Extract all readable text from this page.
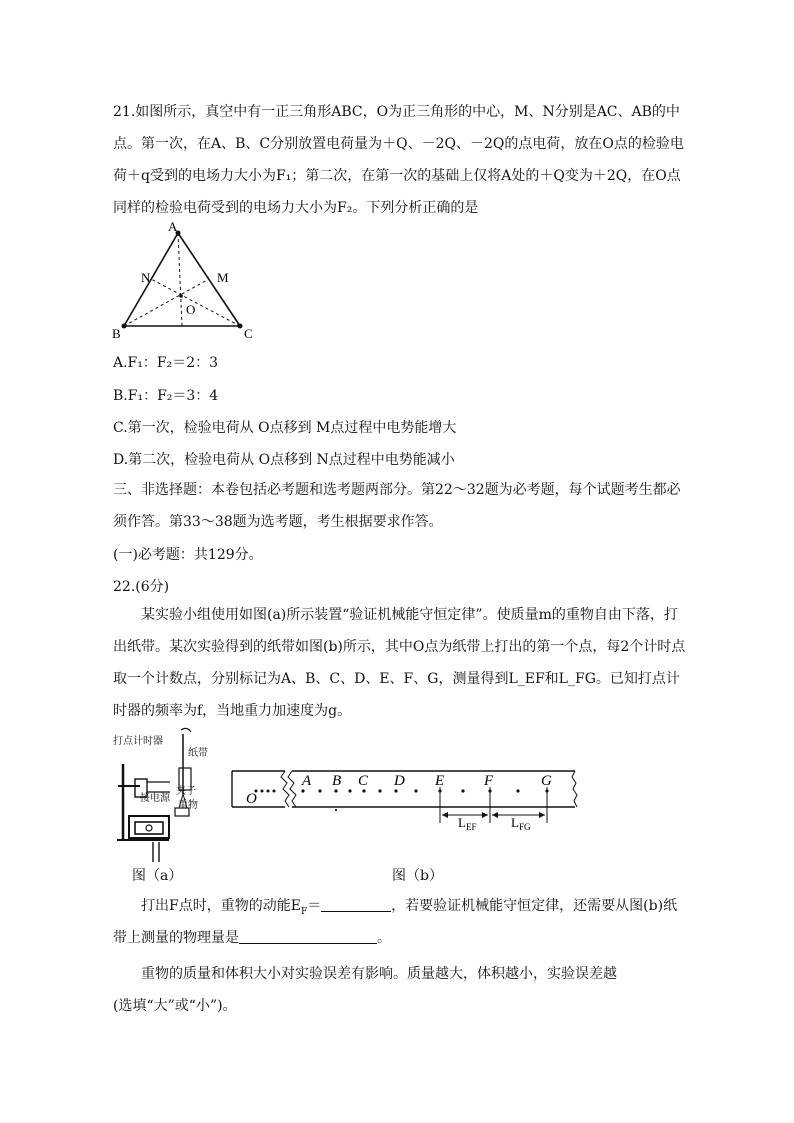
21.如图所示，真空中有一正三角形ABC，O为正三角形的中心，M、N分别是AC、AB的中点。第一次，在A、B、C分别放置电荷量为＋Q、－2Q、－2Q的点电荷，放在O点的检验电荷＋q受到的电场力大小为F₁；第二次，在第一次的基础上仅将A处的＋Q变为＋2Q，在O点同样的检验电荷受到的电场力大小为F₂。下列分析正确的是
A
N	M
O
B	C
A.F₁：F₂＝2：3
B.F₁：F₂＝3：4
C.第一次，检验电荷从 O点移到 M点过程中电势能增大
D.第二次，检验电荷从 O点移到 N点过程中电势能减小
三、非选择题：本卷包括必考题和选考题两部分。第22～32题为必考题，每个试题考生都必须作答。第33～38题为选考题，考生根据要求作答。
(一)必考题：共129分。
22.(6分)
某实验小组使用如图(a)所示装置“验证机械能守恒定律”。使质量m的重物自由下落，打出纸带。某次实验得到的纸带如图(b)所示，其中O点为纸带上打出的第一个点，每2个计时点取一个计数点，分别标记为A、B、C、D、E、F、G，测量得到L_EF和L_FG。已知打点计时器的频率为f，当地重力加速度为g。
打点计时器
纸带
夹子
接电源
重物
图（a）
O
A B C D E	F	G
$L_{EF}$	$L_{FG}$
图（b）
打出F点时，重物的动能$E_F=$	，若要验证机械能守恒定律，还需要从图(b)纸
带上测量的物理量是	。
重物的质量和体积大小对实验误差有影响。质量越大，体积越小，实验误差越
(选填“大”或“小”)。
